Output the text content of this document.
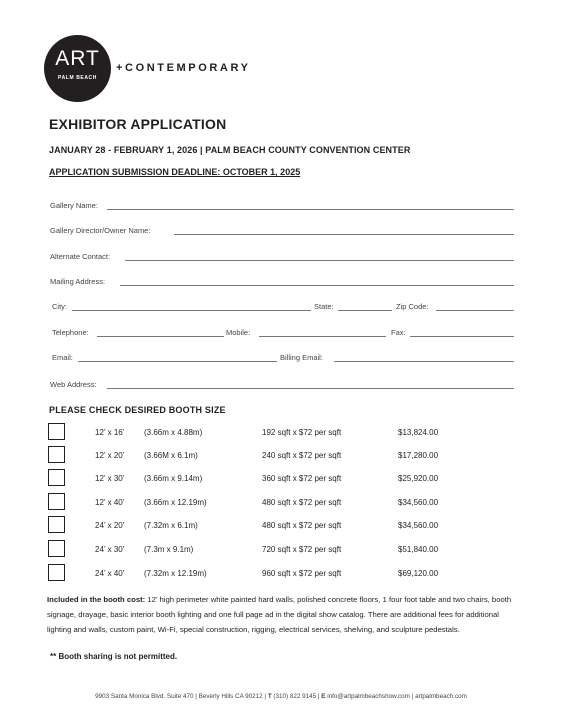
ART
PALM BEACH
+CONTEMPORARY
EXHIBITOR APPLICATION
JANUARY 28 - FEBRUARY 1, 2026 | PALM BEACH COUNTY CONVENTION CENTER
APPLICATION SUBMISSION DEADLINE: OCTOBER 1, 2025
Gallery Name:
Gallery Director/Owner Name:
Alternate Contact:
Mailing Address:
City:	State:	Zip Code:
Telephone:	Mobile:	Fax:
Email:	Billing Email:
Web Address:
PLEASE CHECK DESIRED BOOTH SIZE
12’ x 16’ (3.66m x 4.88m)	192 sqft x $72 per sqft	$13,824.00
12’ x 20’ (3.66M x 6.1m)	240 sqft x $72 per sqft	$17,280.00
12’ x 30’ (3.66m x 9.14m)	360 sqft x $72 per sqft	$25,920.00
12’ x 40’ (3.66m x 12.19m)	480 sqft x $72 per sqft	$34,560.00
24’ x 20’ (7.32m x 6.1m)	480 sqft x $72 per sqft	$34,560.00
24’ x 30’ (7.3m x 9.1m)	720 sqft x $72 per sqft	$51,840.00
24’ x 40’ (7.32m x 12.19m)	960 sqft x $72 per sqft	$69,120.00
Included in the booth cost: 12’ high perimeter white painted hard walls, polished concrete floors, 1 four foot table and two chairs, booth signage, drayage, basic interior booth lighting and one full page ad in the digital show catalog. There are additional fees for additional lighting and walls, custom paint, Wi-Fi, special construction, rigging, electrical services, shelving, and sculpture pedestals.
** Booth sharing is not permitted.
9903 Santa Monica Blvd. Suite 470 | Beverly Hills CA 90212 | T (310) 822 9145 | E info@artpalmbeachshow.com | artpalmbeach.com
